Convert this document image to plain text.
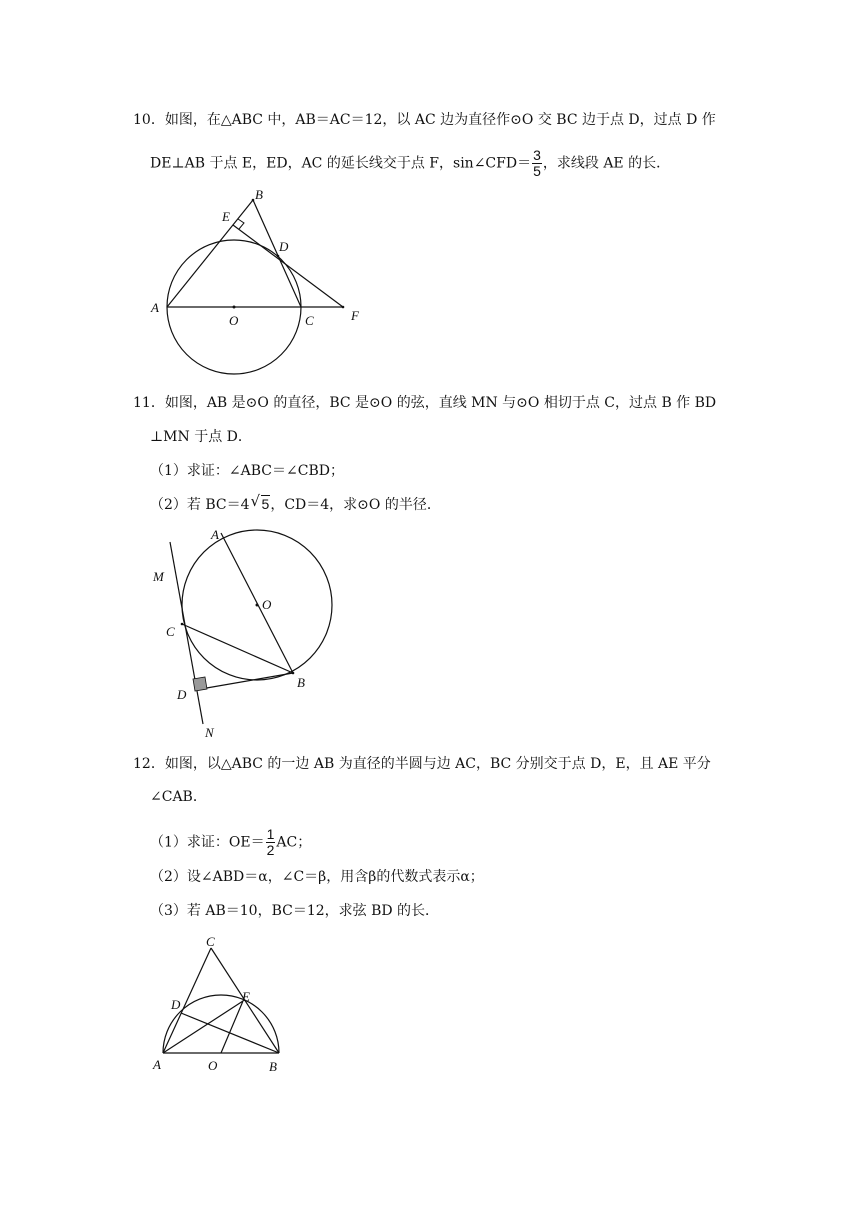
10．如图，在△ABC 中，AB＝AC＝12，以 AC 边为直径作⊙O 交 BC 边于点 D，过点 D 作
DE⊥AB 于点 E，ED，AC 的延长线交于点 F，sin∠CFD＝ $\frac{3}{5}$ ，求线段 AE 的长．
A
B
C
D
E
F
O
11．如图，AB 是⊙O 的直径，BC 是⊙O 的弦，直线 MN 与⊙O 相切于点 C，过点 B 作 BD
⊥MN 于点 D．
（1）求证：∠ABC＝∠CBD；
（2）若 BC＝4 √ 5，CD＝4，求⊙O 的半径．
A
B
C
D
M
N
O
12．如图，以△ABC 的一边 AB 为直径的半圆与边 AC，BC 分别交于点 D，E，且 AE 平分
∠CAB．
（1）求证：$OE= \frac{1}{2}$ AC；
（2）设∠ABD＝α，∠C＝β，用含β的代数式表示α；
（3）若 AB＝10，BC＝12，求弦 BD 的长．
C
D
E
A	O	B
